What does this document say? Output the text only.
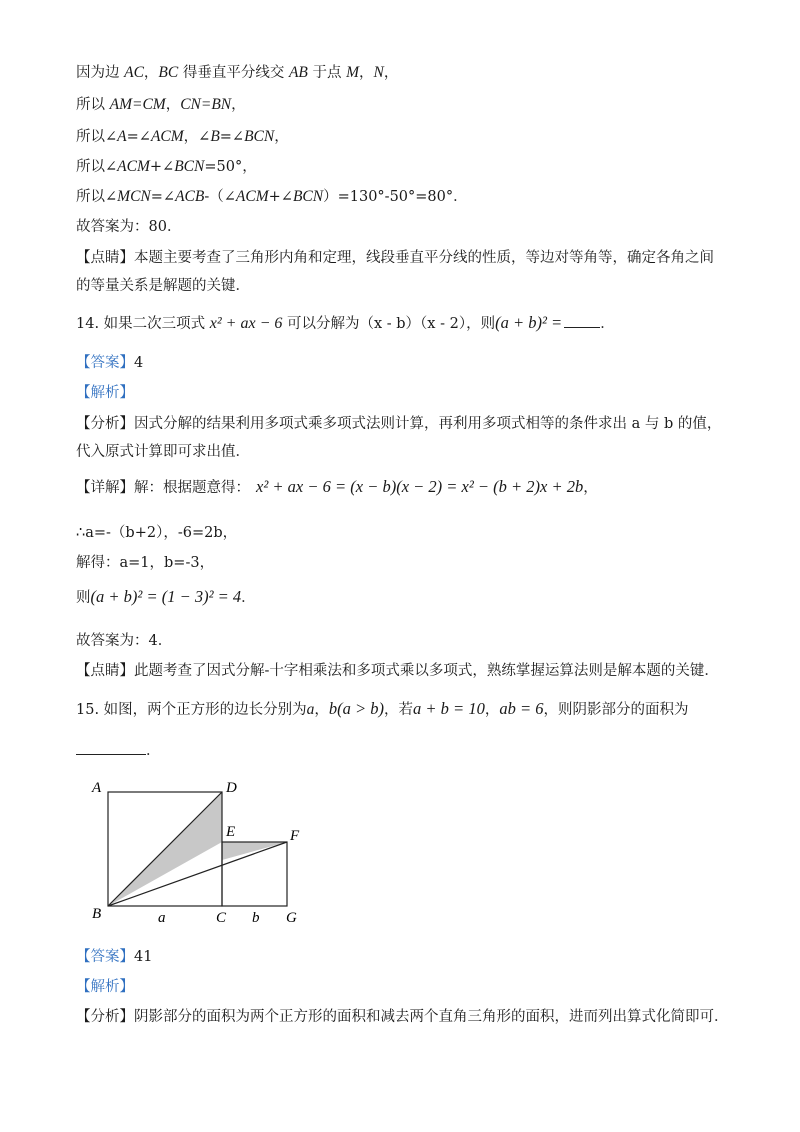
因为边 AC，BC 得垂直平分线交 AB 于点 M，N，
所以 AM=CM，CN=BN，
所以∠A=∠ACM，∠B=∠BCN，
所以∠ACM+∠BCN=50°，
所以∠MCN=∠ACB-（∠ACM+∠BCN）=130°-50°=80°．
故答案为：80．
【点睛】本题主要考查了三角形内角和定理，线段垂直平分线的性质，等边对等角等，确定各角之间的等量关系是解题的关键．
14. 如果二次三项式 x² + ax − 6 可以分解为（x - b）（x - 2），则(a + b)² =	．
【答案】4
【解析】
【分析】因式分解的结果利用多项式乘多项式法则计算，再利用多项式相等的条件求出 a 与 b 的值，代入原式计算即可求出值．
【详解】解：根据题意得： x² + ax − 6 = (x − b)(x − 2) = x² − (b + 2)x + 2b，
∴a=-（b+2），-6=2b，
解得：a=1，b=-3，
则(a + b)² = (1 − 3)² = 4．
故答案为：4．
【点睛】此题考查了因式分解-十字相乘法和多项式乘以多项式，熟练掌握运算法则是解本题的关键．
15. 如图，两个正方形的边长分别为a，b(a > b)，若a + b = 10，ab = 6，则阴影部分的面积为
．
A	D
E	F
B	C	G
a	b
【答案】41
【解析】
【分析】阴影部分的面积为两个正方形的面积和减去两个直角三角形的面积，进而列出算式化简即可．
